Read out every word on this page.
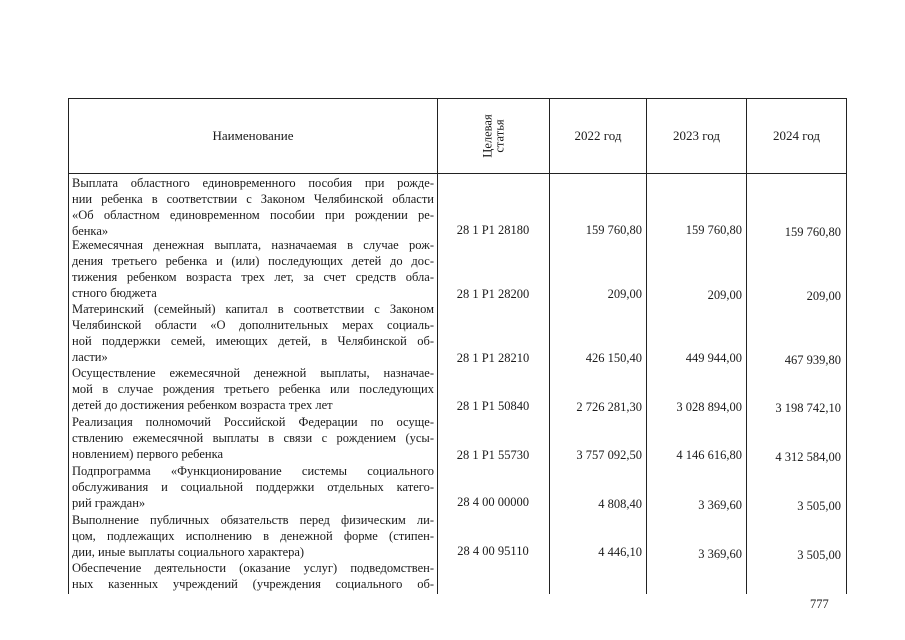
Наименование	Целевая
статья	2022 год	2023 год	2024 год
Выплата областного единовременного пособия при рожде-
нии ребенка в соответствии с Законом Челябинской области
«Об областном единовременном пособии при рождении ре-
бенка»	28 1 P1 28180	159 760,80	159 760,80	159 760,80
Ежемесячная денежная выплата, назначаемая в случае рож-
дения третьего ребенка и (или) последующих детей до дос-
тижения ребенком возраста трех лет, за счет средств обла-
стного бюджета	28 1 P1 28200	209,00	209,00	209,00
Материнский (семейный) капитал в соответствии с Законом
Челябинской области «О дополнительных мерах социаль-
ной поддержки семей, имеющих детей, в Челябинской об-
ласти»	28 1 P1 28210	426 150,40	449 944,00	467 939,80
Осуществление ежемесячной денежной выплаты, назначае-
мой в случае рождения третьего ребенка или последующих
детей до достижения ребенком возраста трех лет	28 1 P1 50840	2 726 281,30	3 028 894,00	3 198 742,10
Реализация полномочий Российской Федерации по осуще-
ствлению ежемесячной выплаты в связи с рождением (усы-
новлением) первого ребенка	28 1 P1 55730	3 757 092,50	4 146 616,80	4 312 584,00
Подпрограмма «Функционирование системы социального
обслуживания и социальной поддержки отдельных катего-
рий граждан»	28 4 00 00000	4 808,40	3 369,60	3 505,00
Выполнение публичных обязательств перед физическим ли-
цом, подлежащих исполнению в денежной форме (стипен-
дии, иные выплаты социального характера)	28 4 00 95110	4 446,10	3 369,60	3 505,00
Обеспечение деятельности (оказание услуг) подведомствен-
ных казенных учреждений (учреждения социального об-
777
